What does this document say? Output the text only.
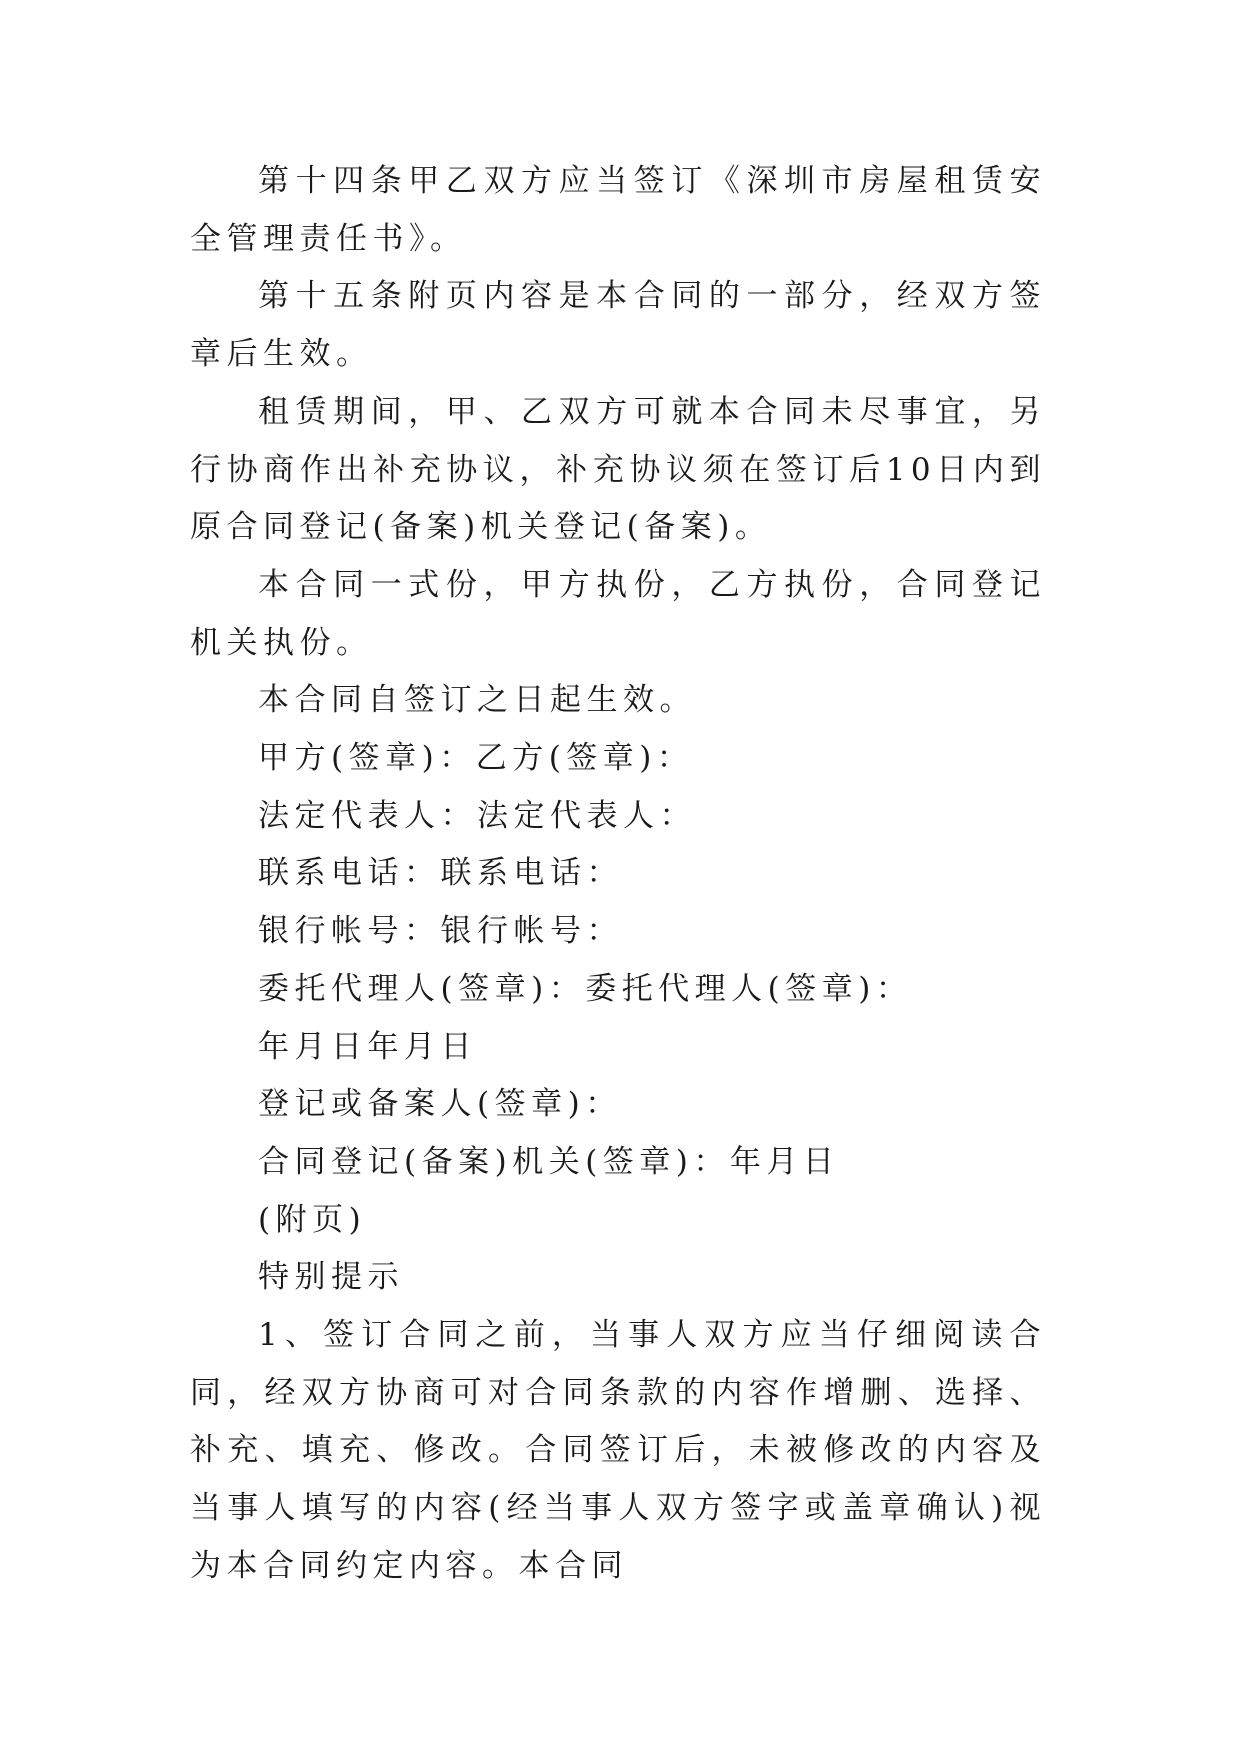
第十四条甲乙双方应当签订《深圳市房屋租赁安全管理责任书》。

第十五条附页内容是本合同的一部分，经双方签章后生效。

租赁期间，甲、乙双方可就本合同未尽事宜，另行协商作出补充协议，补充协议须在签订后10日内到原合同登记(备案)机关登记(备案)。

本合同一式份，甲方执份，乙方执份，合同登记机关执份。

本合同自签订之日起生效。

甲方(签章)：乙方(签章)：

法定代表人：法定代表人：

联系电话：联系电话：

银行帐号：银行帐号：

委托代理人(签章)：委托代理人(签章)：

年月日年月日

登记或备案人(签章)：

合同登记(备案)机关(签章)：年月日

(附页)

特别提示

1、签订合同之前，当事人双方应当仔细阅读合同，经双方协商可对合同条款的内容作增删、选择、补充、填充、修改。合同签订后，未被修改的内容及当事人填写的内容(经当事人双方签字或盖章确认)视为本合同约定内容。本合同
